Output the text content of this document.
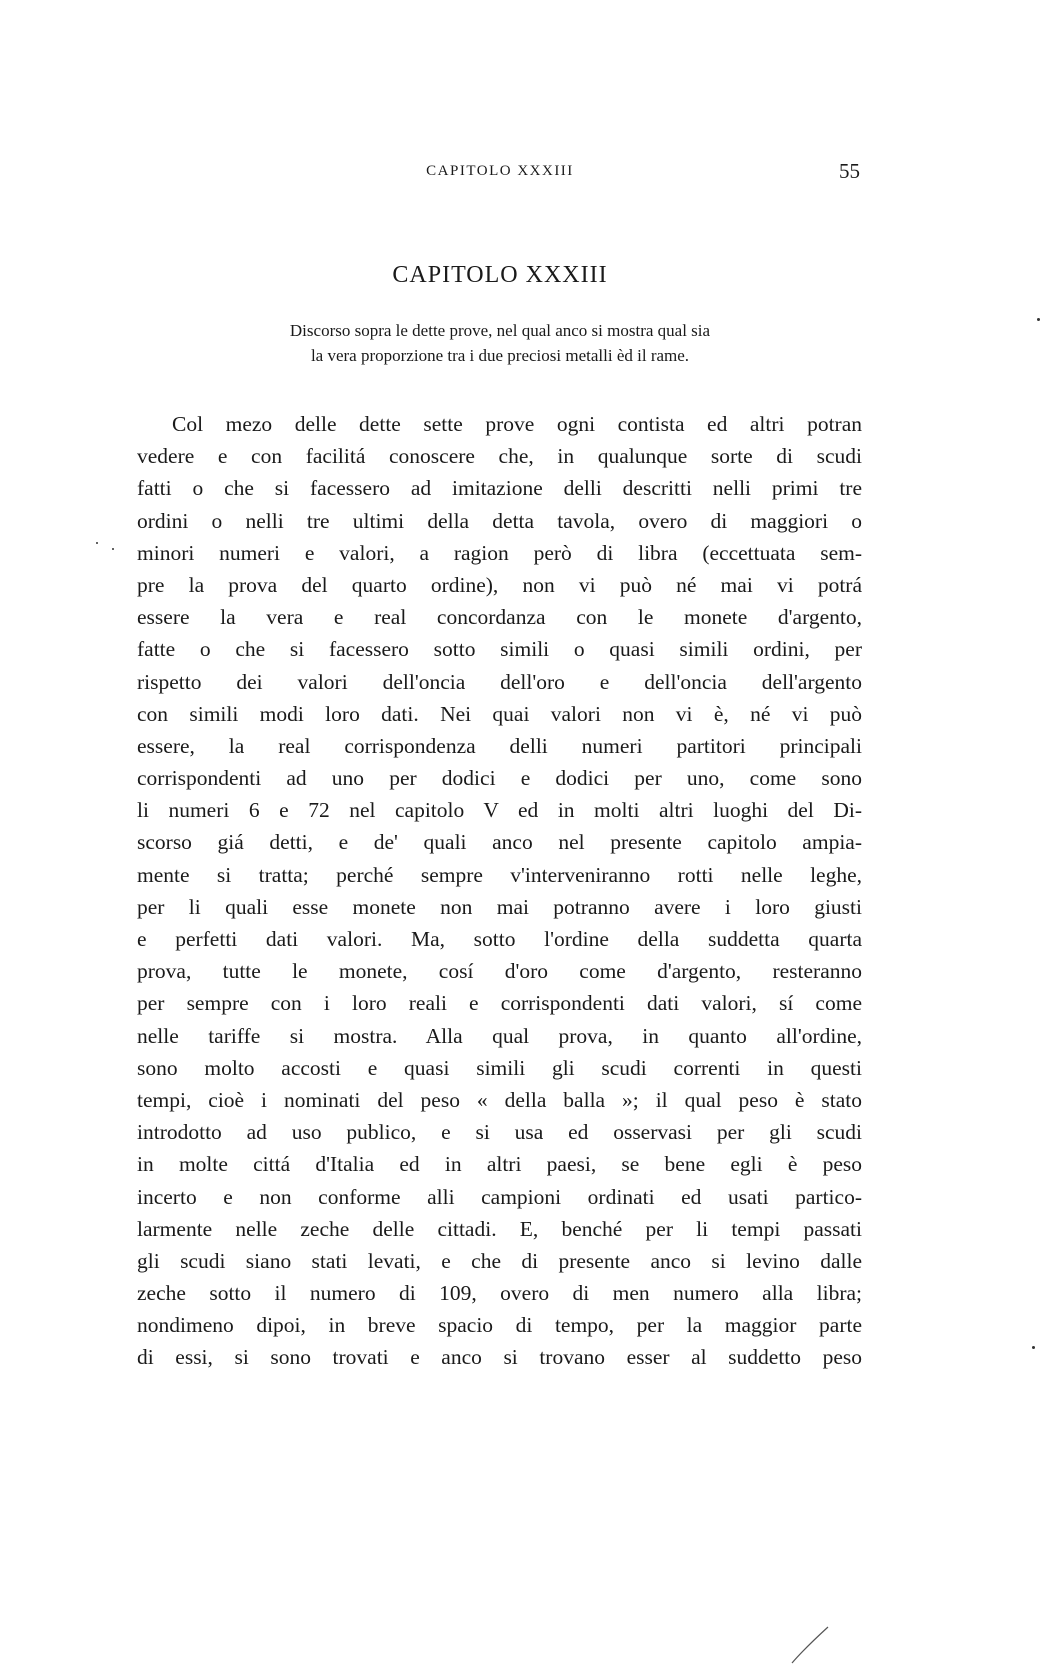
CAPITOLO XXXIII	55
CAPITOLO XXXIII
Discorso sopra le dette prove, nel qual anco si mostra qual sia
la vera proporzione tra i due preciosi metalli èd il rame.
Col mezo delle dette sette prove ogni contista ed altri potran
vedere e con facilitá conoscere che, in qualunque sorte di scudi
fatti o che si facessero ad imitazione delli descritti nelli primi tre
ordini o nelli tre ultimi della detta tavola, overo di maggiori o
minori numeri e valori, a ragion però di libra (eccettuata sem-
pre la prova del quarto ordine), non vi può né mai vi potrá
essere la vera e real concordanza con le monete d'argento,
fatte o che si facessero sotto simili o quasi simili ordini, per
rispetto dei valori dell'oncia dell'oro e dell'oncia dell'argento
con simili modi loro dati. Nei quai valori non vi è, né vi può
essere, la real corrispondenza delli numeri partitori principali
corrispondenti ad uno per dodici e dodici per uno, come sono
li numeri 6 e 72 nel capitolo V ed in molti altri luoghi del Di-
scorso giá detti, e de' quali anco nel presente capitolo ampia-
mente si tratta; perché sempre v'interveniranno rotti nelle leghe,
per li quali esse monete non mai potranno avere i loro giusti
e perfetti dati valori. Ma, sotto l'ordine della suddetta quarta
prova, tutte le monete, cosí d'oro come d'argento, resteranno
per sempre con i loro reali e corrispondenti dati valori, sí come
nelle tariffe si mostra. Alla qual prova, in quanto all'ordine,
sono molto accosti e quasi simili gli scudi correnti in questi
tempi, cioè i nominati del peso « della balla »; il qual peso è stato
introdotto ad uso publico, e si usa ed osservasi per gli scudi
in molte cittá d'Italia ed in altri paesi, se bene egli è peso
incerto e non conforme alli campioni ordinati ed usati partico-
larmente nelle zeche delle cittadi. E, benché per li tempi passati
gli scudi siano stati levati, e che di presente anco si levino dalle
zeche sotto il numero di 109, overo di men numero alla libra;
nondimeno dipoi, in breve spacio di tempo, per la maggior parte
di essi, si sono trovati e anco si trovano esser al suddetto peso
